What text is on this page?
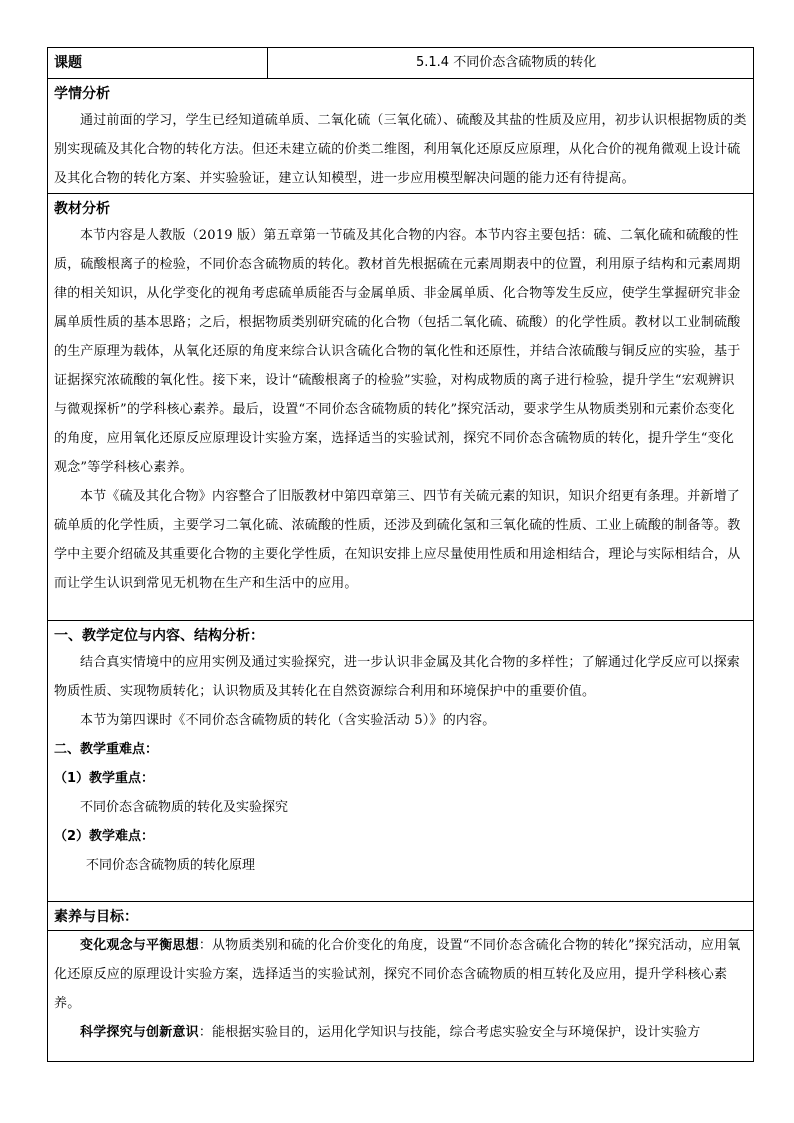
课题	5.1.4 不同价态含硫物质的转化

学情分析

通过前面的学习，学生已经知道硫单质、二氧化硫（三氧化硫）、硫酸及其盐的性质及应用，初步认识根据物质的类别实现硫及其化合物的转化方法。但还未建立硫的价类二维图，利用氧化还原反应原理，从化合价的视角微观上设计硫及其化合物的转化方案、并实验验证，建立认知模型，进一步应用模型解决问题的能力还有待提高。

教材分析

本节内容是人教版（2019 版）第五章第一节硫及其化合物的内容。本节内容主要包括：硫、二氧化硫和硫酸的性质，硫酸根离子的检验，不同价态含硫物质的转化。教材首先根据硫在元素周期表中的位置，利用原子结构和元素周期律的相关知识，从化学变化的视角考虑硫单质能否与金属单质、非金属单质、化合物等发生反应，使学生掌握研究非金属单质性质的基本思路；之后，根据物质类别研究硫的化合物（包括二氧化硫、硫酸）的化学性质。教材以工业制硫酸的生产原理为载体，从氧化还原的角度来综合认识含硫化合物的氧化性和还原性，并结合浓硫酸与铜反应的实验，基于证据探究浓硫酸的氧化性。接下来，设计“硫酸根离子的检验”实验，对构成物质的离子进行检验，提升学生“宏观辨识与微观探析”的学科核心素养。最后，设置“不同价态含硫物质的转化”探究活动，要求学生从物质类别和元素价态变化的角度，应用氧化还原反应原理设计实验方案，选择适当的实验试剂，探究不同价态含硫物质的转化，提升学生“变化观念”等学科核心素养。

本节《硫及其化合物》内容整合了旧版教材中第四章第三、四节有关硫元素的知识，知识介绍更有条理。并新增了硫单质的化学性质，主要学习二氧化硫、浓硫酸的性质，还涉及到硫化氢和三氧化硫的性质、工业上硫酸的制备等。教学中主要介绍硫及其重要化合物的主要化学性质，在知识安排上应尽量使用性质和用途相结合，理论与实际相结合，从而让学生认识到常见无机物在生产和生活中的应用。

一、教学定位与内容、结构分析：

结合真实情境中的应用实例及通过实验探究，进一步认识非金属及其化合物的多样性；了解通过化学反应可以探索物质性质、实现物质转化；认识物质及其转化在自然资源综合利用和环境保护中的重要价值。

本节为第四课时《不同价态含硫物质的转化（含实验活动 5）》的内容。

二、教学重难点：
（1）教学重点：
不同价态含硫物质的转化及实验探究
（2）教学难点：
不同价态含硫物质的转化原理

素养与目标：

变化观念与平衡思想：从物质类别和硫的化合价变化的角度，设置“不同价态含硫化合物的转化”探究活动，应用氧化还原反应的原理设计实验方案，选择适当的实验试剂，探究不同价态含硫物质的相互转化及应用，提升学科核心素养。

科学探究与创新意识：能根据实验目的，运用化学知识与技能，综合考虑实验安全与环境保护，设计实验方
